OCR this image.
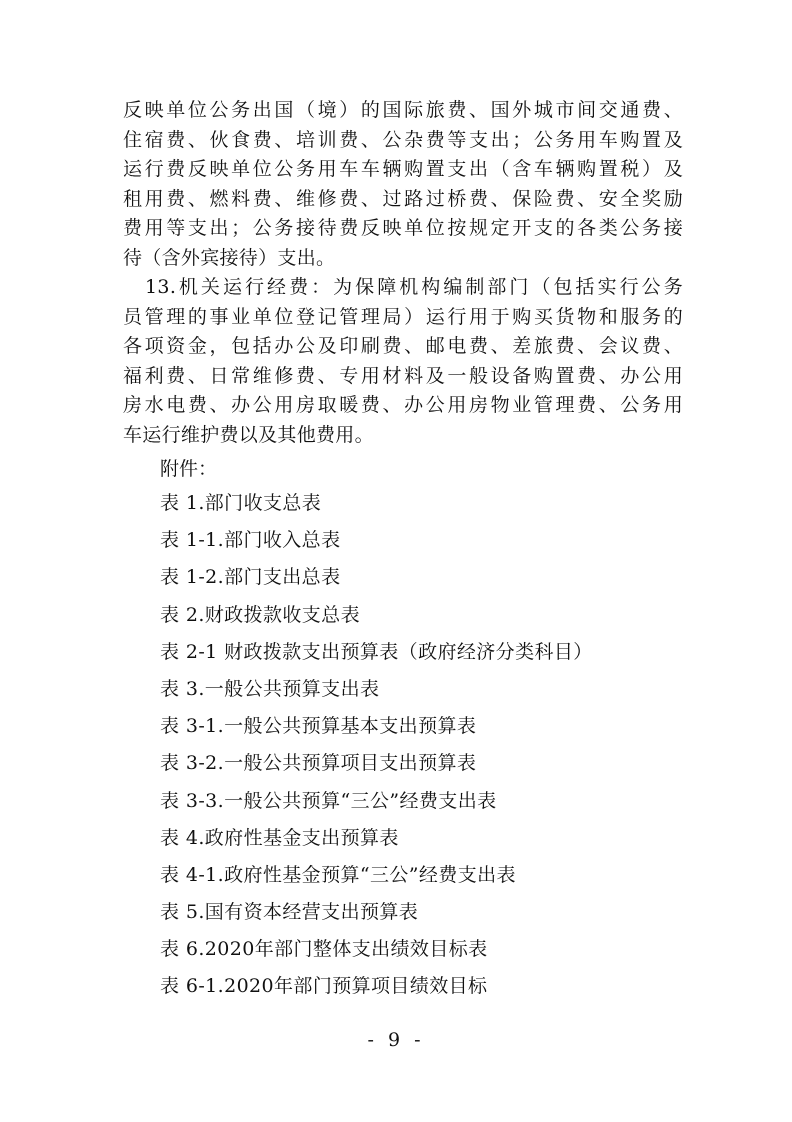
反映单位公务出国（境）的国际旅费、国外城市间交通费、
住宿费、伙食费、培训费、公杂费等支出；公务用车购置及
运行费反映单位公务用车车辆购置支出（含车辆购置税）及
租用费、燃料费、维修费、过路过桥费、保险费、安全奖励
费用等支出；公务接待费反映单位按规定开支的各类公务接
待（含外宾接待）支出。
　13.机关运行经费：为保障机构编制部门（包括实行公务
员管理的事业单位登记管理局）运行用于购买货物和服务的
各项资金，包括办公及印刷费、邮电费、差旅费、会议费、
福利费、日常维修费、专用材料及一般设备购置费、办公用
房水电费、办公用房取暖费、办公用房物业管理费、公务用
车运行维护费以及其他费用。
附件：
表 1.部门收支总表
表 1-1.部门收入总表
表 1-2.部门支出总表
表 2.财政拨款收支总表
表 2-1 财政拨款支出预算表（政府经济分类科目）
表 3.一般公共预算支出表
表 3-1.一般公共预算基本支出预算表
表 3-2.一般公共预算项目支出预算表
表 3-3.一般公共预算“三公”经费支出表
表 4.政府性基金支出预算表
表 4-1.政府性基金预算“三公”经费支出表
表 5.国有资本经营支出预算表
表 6.2020年部门整体支出绩效目标表
表 6-1.2020年部门预算项目绩效目标
- 9 -
